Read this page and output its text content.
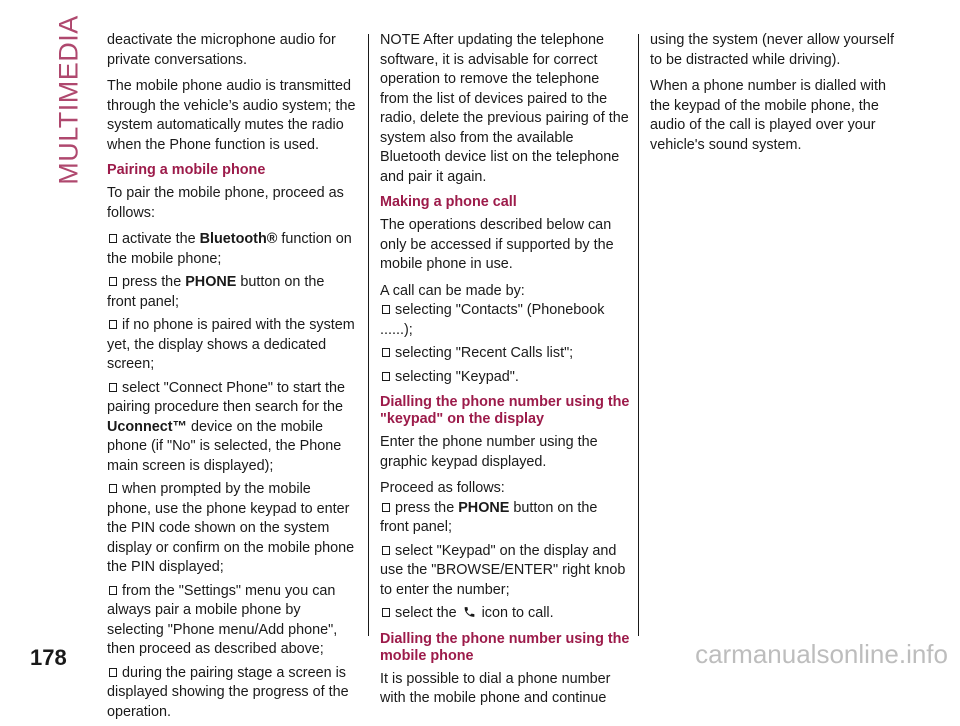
MULTIMEDIA deactivate the microphone audio for private conversations.

The mobile phone audio is transmitted through the vehicle’s audio system; the system automatically mutes the radio when the Phone function is used.

Pairing a mobile phone

To pair the mobile phone, proceed as follows:

activate the Bluetooth® function on the mobile phone;
press the PHONE button on the front panel;
if no phone is paired with the system yet, the display shows a dedicated screen;
select "Connect Phone" to start the pairing procedure then search for the Uconnect™ device on the mobile phone (if "No" is selected, the Phone main screen is displayed);
when prompted by the mobile phone, use the phone keypad to enter the PIN code shown on the system display or confirm on the mobile phone the PIN displayed;
from the "Settings" menu you can always pair a mobile phone by selecting "Phone menu/Add phone", then proceed as described above;
during the pairing stage a screen is displayed showing the progress of the operation.

NOTE After updating the telephone software, it is advisable for correct operation to remove the telephone from the list of devices paired to the radio, delete the previous pairing of the system also from the available Bluetooth device list on the telephone and pair it again.

Making a phone call

The operations described below can only be accessed if supported by the mobile phone in use.

A call can be made by:

selecting "Contacts" (Phonebook ......);
selecting "Recent Calls list";
selecting "Keypad".
Dialling the phone number using the "keypad" on the display

Enter the phone number using the graphic keypad displayed.

Proceed as follows:

press the PHONE button on the front panel;
select "Keypad" on the display and use the "BROWSE/ENTER" right knob to enter the number;
select the  icon to call.
Dialling the phone number using the mobile phone

It is possible to dial a phone number with the mobile phone and continue

using the system (never allow yourself to be distracted while driving).

When a phone number is dialled with the keypad of the mobile phone, the audio of the call is played over your vehicle's sound system.

178	carmanualsonline.info
